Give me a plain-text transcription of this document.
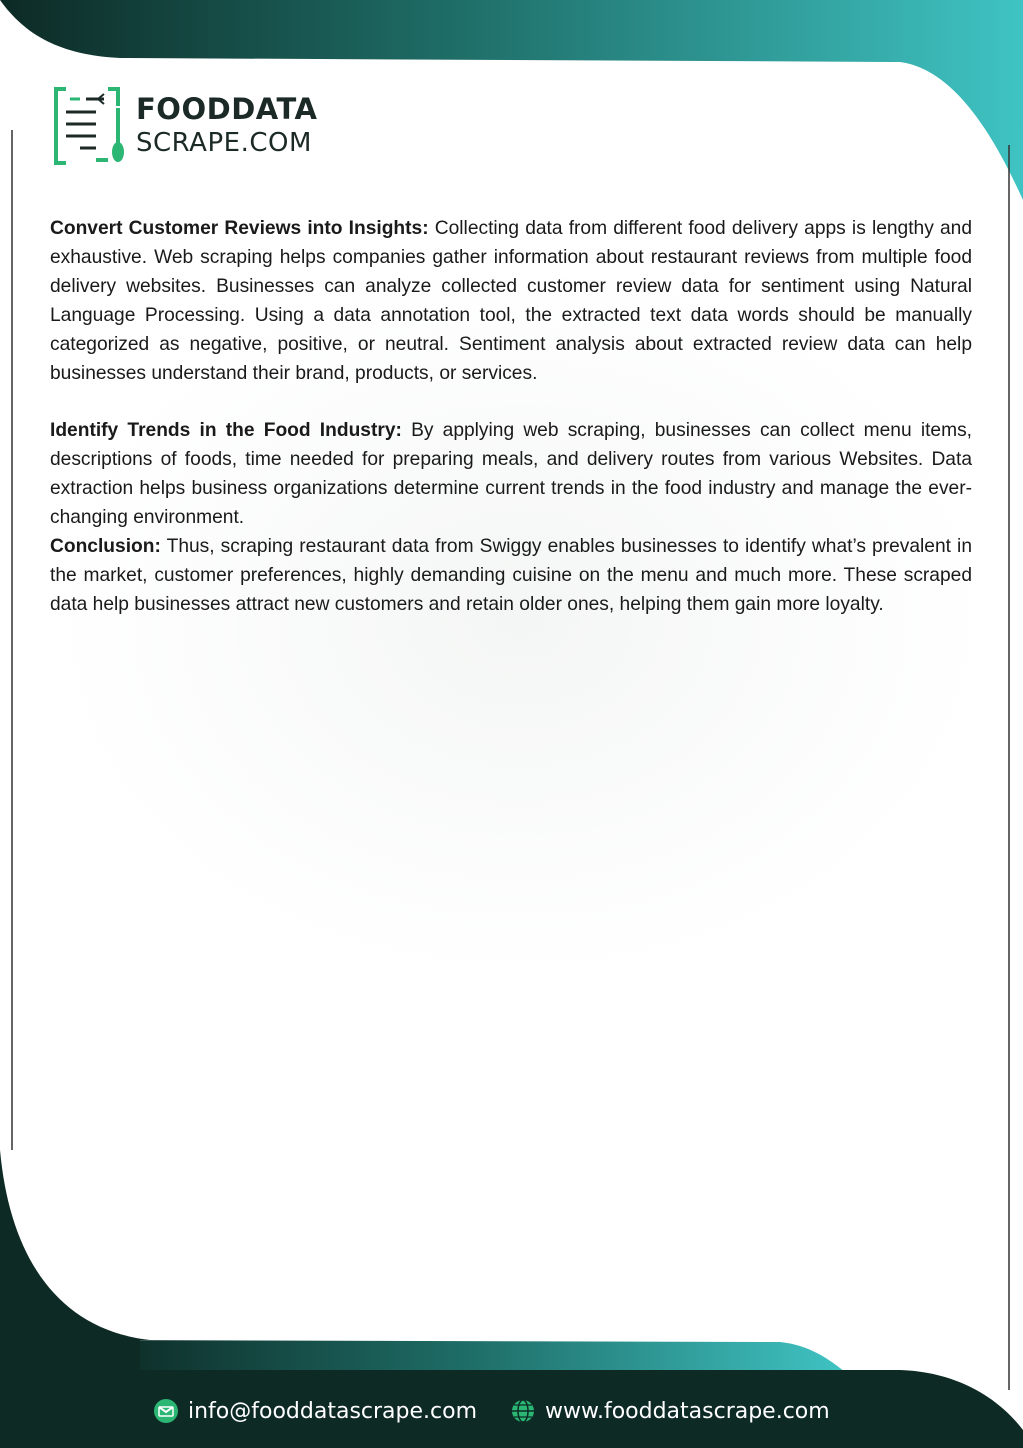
FOODDATA
SCRAPE.COM

Convert Customer Reviews into Insights: Collecting data from different food delivery apps is lengthy and exhaustive. Web scraping helps companies gather information about restaurant reviews from multiple food delivery websites. Businesses can analyze collected customer review data for sentiment using Natural Language Processing. Using a data annotation tool, the extracted text data words should be manually categorized as negative, positive, or neutral. Sentiment analysis about extracted review data can help businesses understand their brand, products, or services.

Identify Trends in the Food Industry: By applying web scraping, businesses can collect menu items, descriptions of foods, time needed for preparing meals, and delivery routes from various Websites. Data extraction helps business organizations determine current trends in the food industry and manage the ever-changing environment.

Conclusion: Thus, scraping restaurant data from Swiggy enables businesses to identify what’s prevalent in the market, customer preferences, highly demanding cuisine on the menu and much more. These scraped data help businesses attract new customers and retain older ones, helping them gain more loyalty.

info@fooddatascrape.com	www.fooddatascrape.com
